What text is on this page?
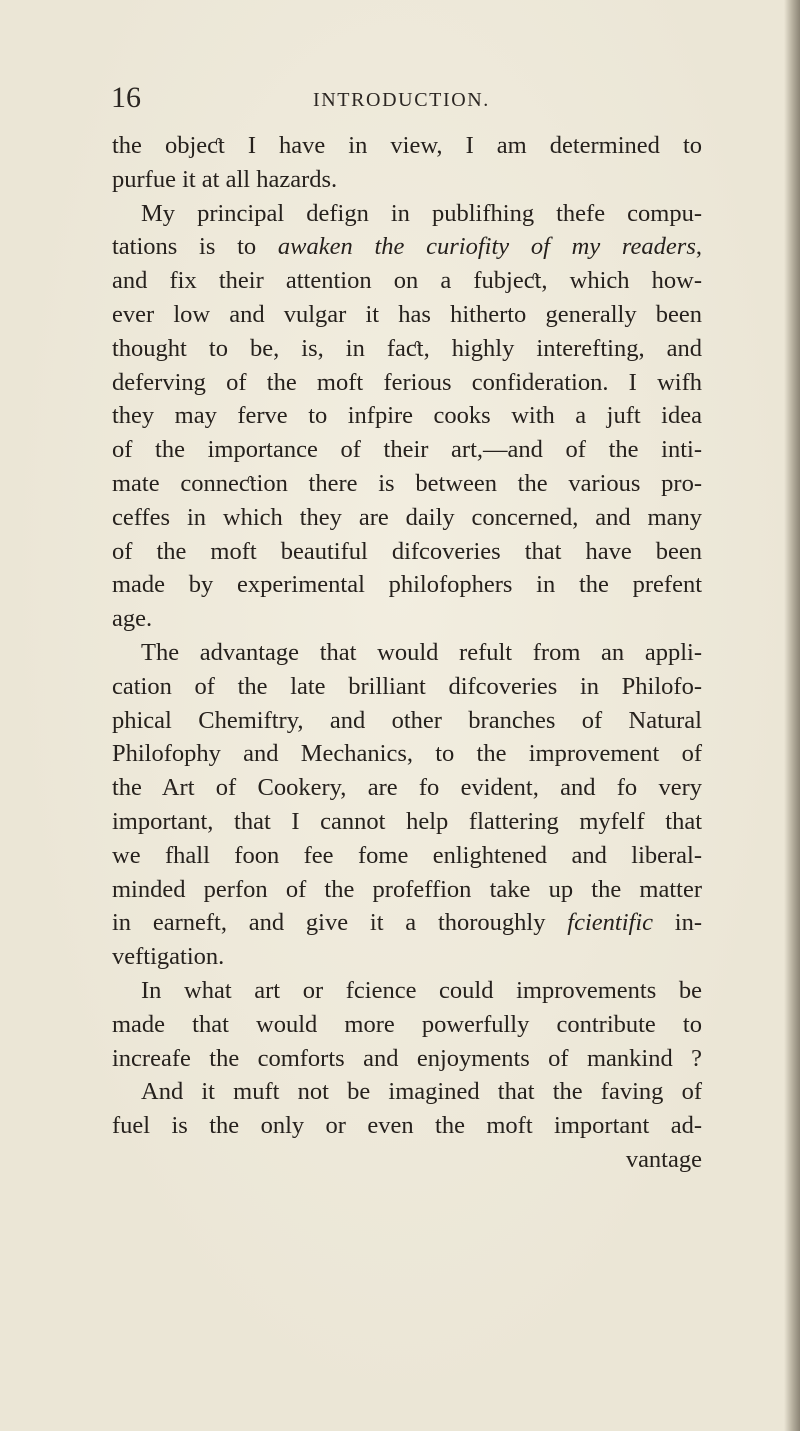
16	INTRODUCTION.
the objeƈt I have in view, I am determined to
purfue it at all hazards.
My principal defign in publifhing thefe compu-
tations is to awaken the curiofity of my readers,
and fix their attention on a fubjeƈt, which how-
ever low and vulgar it has hitherto generally been
thought to be, is, in faƈt, highly interefting, and
deferving of the moft ferious confideration. I wifh
they may ferve to infpire cooks with a juft idea
of the importance of their art,—and of the inti-
mate conneƈtion there is between the various pro-
ceffes in which they are daily concerned, and many
of the moft beautiful difcoveries that have been
made by experimental philofophers in the prefent
age.
The advantage that would refult from an appli-
cation of the late brilliant difcoveries in Philofo-
phical Chemiftry, and other branches of Natural
Philofophy and Mechanics, to the improvement of
the Art of Cookery, are fo evident, and fo very
important, that I cannot help flattering myfelf that
we fhall foon fee fome enlightened and liberal-
minded perfon of the profeffion take up the matter
in earneft, and give it a thoroughly fcientific in-
veftigation.
In what art or fcience could improvements be
made that would more powerfully contribute to
increafe the comforts and enjoyments of mankind ?
And it muft not be imagined that the faving of
fuel is the only or even the moft important ad-
vantage
